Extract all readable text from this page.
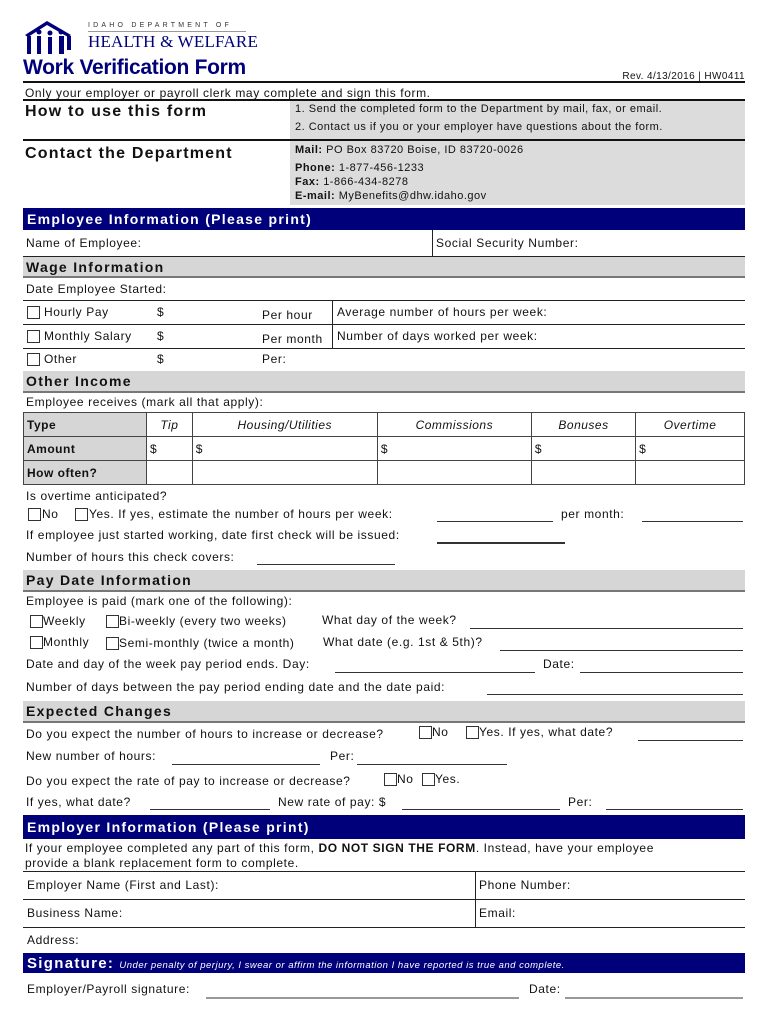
IDAHO DEPARTMENT OF
HEALTH & WELFARE
Work Verification Form	Rev. 4/13/2016 | HW0411
Only your employer or payroll clerk may complete and sign this form.
How to use this form	1. Send the completed form to the Department by mail, fax, or email.
2. Contact us if you or your employer have questions about the form.
Contact the Department	Mail: PO Box 83720 Boise, ID 83720-0026
Phone: 1-877-456-1233
Fax: 1-866-434-8278
E-mail: MyBenefits@dhw.idaho.gov
Employee Information (Please print)
Name of Employee:	Social Security Number:
Wage Information
Date Employee Started:
Hourly Pay	$	Per hour Average number of hours per week:
Monthly Salary $	Per month Number of days worked per week:
Other	$	Per:
Other Income
Employee receives (mark all that apply):
Type	Tip	Housing/Utilities	Commissions	Bonuses	Overtime
Amount	$	$	$	$	$
How often?					
Is overtime anticipated?
No	Yes. If yes, estimate the number of hours per week:	per month:
If employee just started working, date first check will be issued:
Number of hours this check covers:
Pay Date Information
Employee is paid (mark one of the following):
Weekly	Bi-weekly (every two weeks)	What day of the week?
Monthly Semi-monthly (twice a month) What date (e.g. 1st & 5th)?
Date and day of the week pay period ends. Day:	Date:
Number of days between the pay period ending date and the date paid:
Expected Changes
Do you expect the number of hours to increase or decrease?	No	Yes. If yes, what date?
New number of hours:	Per:
Do you expect the rate of pay to increase or decrease?	No Yes.
If yes, what date?	New rate of pay: $	Per:
Employer Information (Please print)
If your employee completed any part of this form, DO NOT SIGN THE FORM. Instead, have your employee
provide a blank replacement form to complete.
Employer Name (First and Last):	Phone Number:
Business Name:	Email:
Address:
Signature: Under penalty of perjury, I swear or affirm the information I have reported is true and complete.
Employer/Payroll signature:	Date:
